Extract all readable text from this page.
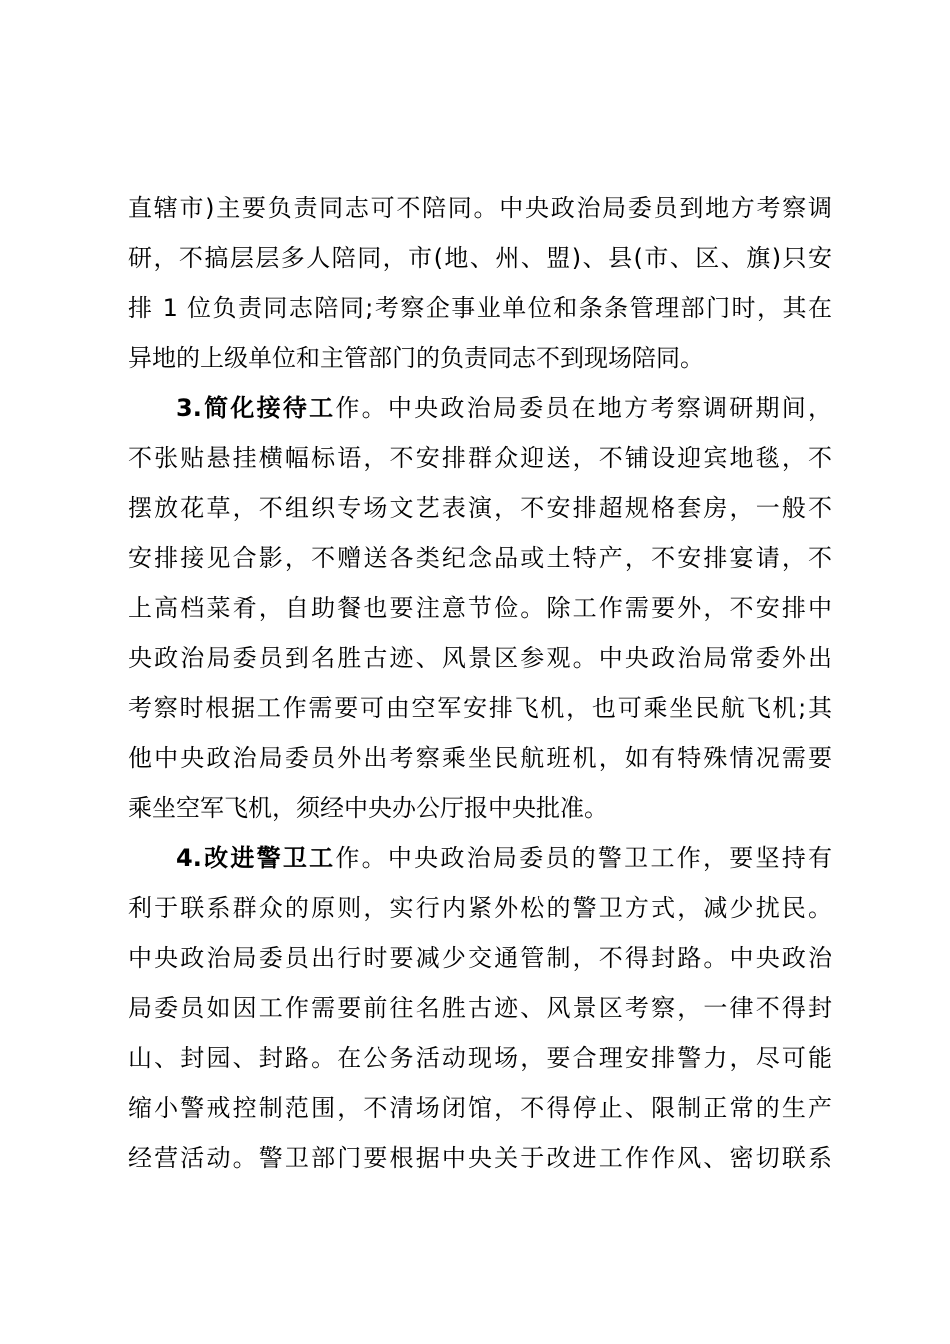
直辖市)主要负责同志可不陪同。中央政治局委员到地方考察调
研，不搞层层多人陪同，市(地、州、盟)、县(市、区、旗)只安
排 1 位负责同志陪同;考察企事业单位和条条管理部门时，其在
异地的上级单位和主管部门的负责同志不到现场陪同。
3.简化接待工作。中央政治局委员在地方考察调研期间，
不张贴悬挂横幅标语，不安排群众迎送，不铺设迎宾地毯，不
摆放花草，不组织专场文艺表演，不安排超规格套房，一般不
安排接见合影，不赠送各类纪念品或土特产，不安排宴请，不
上高档菜肴，自助餐也要注意节俭。除工作需要外，不安排中
央政治局委员到名胜古迹、风景区参观。中央政治局常委外出
考察时根据工作需要可由空军安排飞机，也可乘坐民航飞机;其
他中央政治局委员外出考察乘坐民航班机，如有特殊情况需要
乘坐空军飞机，须经中央办公厅报中央批准。
4.改进警卫工作。中央政治局委员的警卫工作，要坚持有
利于联系群众的原则，实行内紧外松的警卫方式，减少扰民。
中央政治局委员出行时要减少交通管制，不得封路。中央政治
局委员如因工作需要前往名胜古迹、风景区考察，一律不得封
山、封园、封路。在公务活动现场，要合理安排警力，尽可能
缩小警戒控制范围，不清场闭馆，不得停止、限制正常的生产
经营活动。警卫部门要根据中央关于改进工作作风、密切联系
